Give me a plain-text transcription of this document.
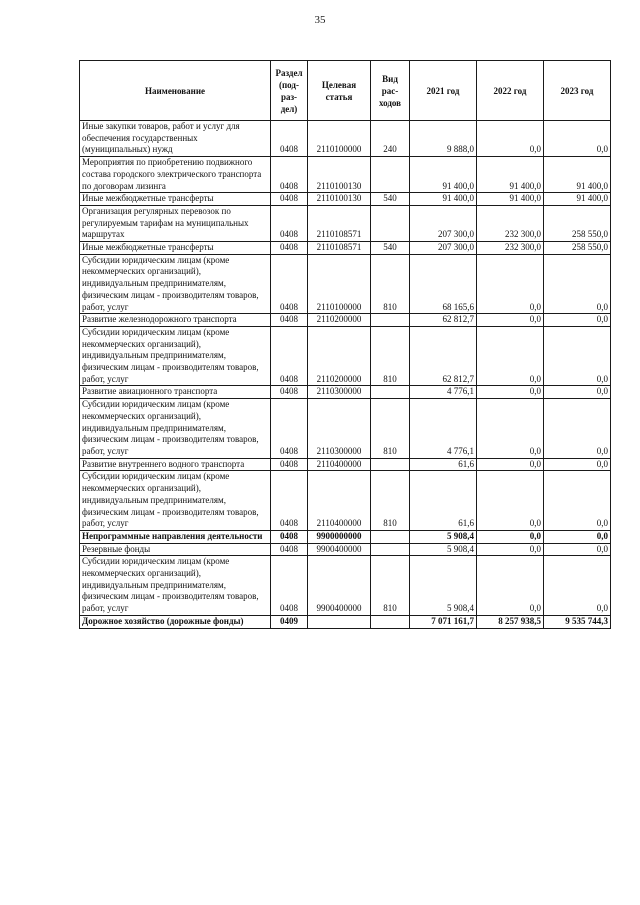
35
Наименование	Раздел (под-раз-дел)	Целевая статья	Вид рас-ходов	2021 год	2022 год	2023 год
Иные закупки товаров, работ и услуг для обеспечения государственных (муниципальных) нужд	0408	2110100000	240	9 888,0	0,0	0,0
Мероприятия по приобретению подвижного состава городского электрического транспорта по договорам лизинга	0408	2110100130		91 400,0	91 400,0	91 400,0
Иные межбюджетные трансферты	0408	2110100130	540	91 400,0	91 400,0	91 400,0
Организация регулярных перевозок по регулируемым тарифам на муниципальных маршрутах	0408	2110108571		207 300,0	232 300,0	258 550,0
Иные межбюджетные трансферты	0408	2110108571	540	207 300,0	232 300,0	258 550,0
Субсидии юридическим лицам (кроме некоммерческих организаций), индивидуальным предпринимателям, физическим лицам - производителям товаров, работ, услуг	0408	2110100000	810	68 165,6	0,0	0,0
Развитие железнодорожного транспорта	0408	2110200000		62 812,7	0,0	0,0
Субсидии юридическим лицам (кроме некоммерческих организаций), индивидуальным предпринимателям, физическим лицам - производителям товаров, работ, услуг	0408	2110200000	810	62 812,7	0,0	0,0
Развитие авиационного транспорта	0408	2110300000		4 776,1	0,0	0,0
Субсидии юридическим лицам (кроме некоммерческих организаций), индивидуальным предпринимателям, физическим лицам - производителям товаров, работ, услуг	0408	2110300000	810	4 776,1	0,0	0,0
Развитие внутреннего водного транспорта	0408	2110400000		61,6	0,0	0,0
Субсидии юридическим лицам (кроме некоммерческих организаций), индивидуальным предпринимателям, физическим лицам - производителям товаров, работ, услуг	0408	2110400000	810	61,6	0,0	0,0
Непрограммные направления деятельности	0408	9900000000		5 908,4	0,0	0,0
Резервные фонды	0408	9900400000		5 908,4	0,0	0,0
Субсидии юридическим лицам (кроме некоммерческих организаций), индивидуальным предпринимателям, физическим лицам - производителям товаров, работ, услуг	0408	9900400000	810	5 908,4	0,0	0,0
Дорожное хозяйство (дорожные фонды)	0409			7 071 161,7	8 257 938,5	9 535 744,3
